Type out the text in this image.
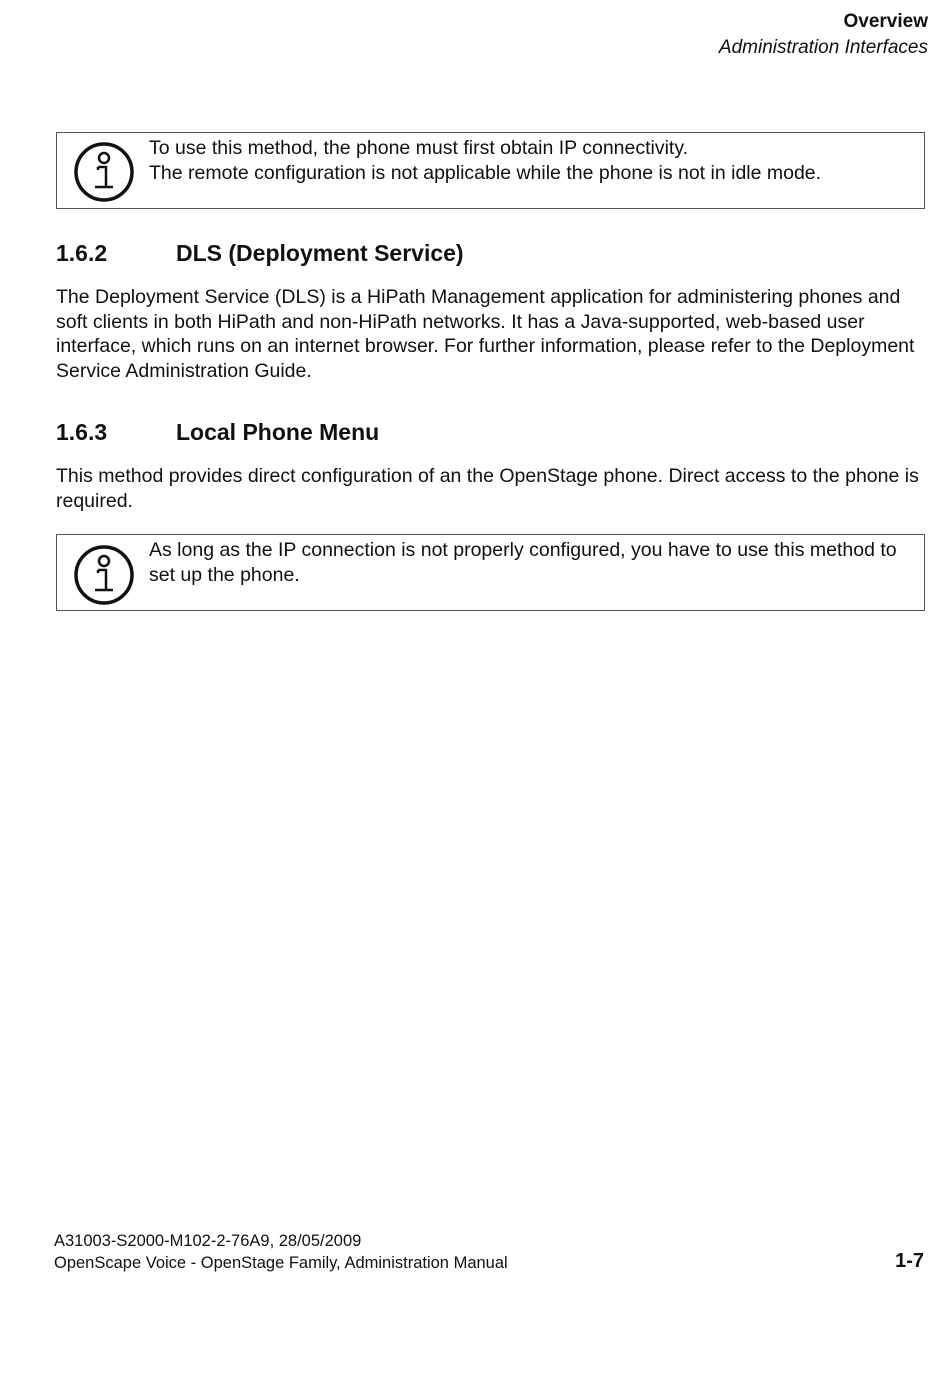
Overview
Administration Interfaces

To use this method, the phone must first obtain IP connectivity.

The remote configuration is not applicable while the phone is not in idle mode.

1.6.2	DLS (Deployment Service)

The Deployment Service (DLS) is a HiPath Management application for administering phones and soft clients in both HiPath and non-HiPath networks. It has a Java-supported, web-based user interface, which runs on an internet browser. For further information, please refer to the Deployment Service Administration Guide.

1.6.3	Local Phone Menu

This method provides direct configuration of an the OpenStage phone. Direct access to the phone is required.

As long as the IP connection is not properly configured, you have to use this method to set up the phone.
A31003-S2000-M102-2-76A9, 28/05/2009
OpenScape Voice - OpenStage Family, Administration Manual	1-7
